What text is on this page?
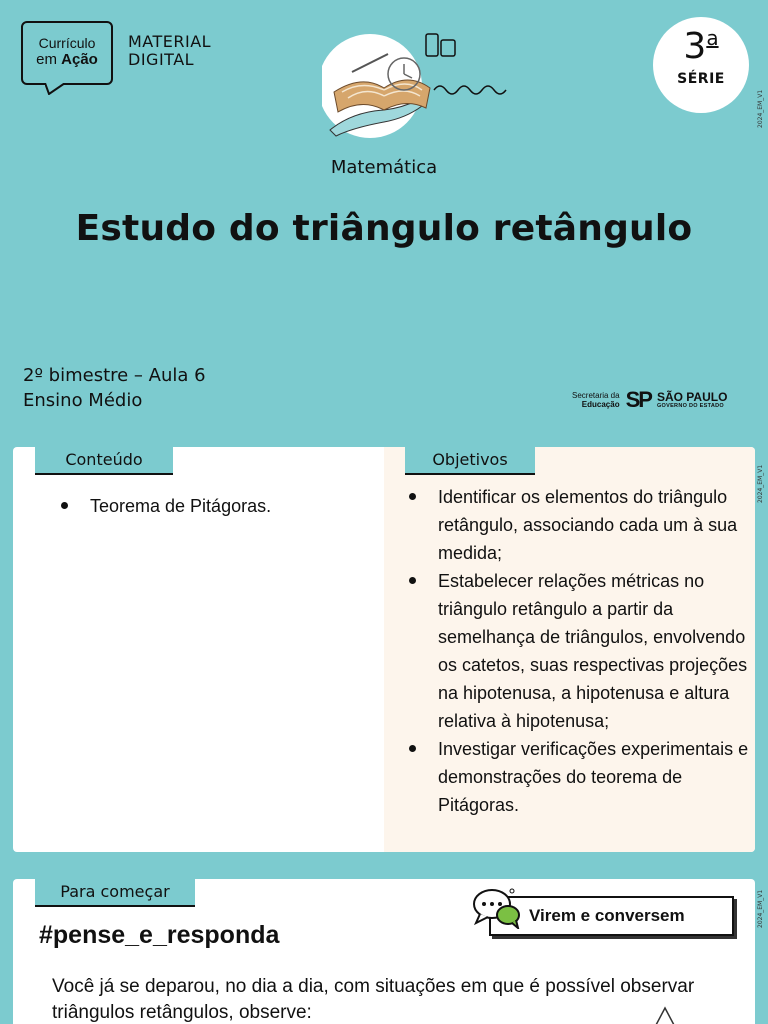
Currículo
em Ação
MATERIAL
DIGITAL	3$^a$
SÉRIE
2024_EM_V1
Matemática
Estudo do triângulo retângulo
2º bimestre – Aula 6
Ensino Médio	Secretaria da
Educação SP SÃO PAULO
GOVERNO DO ESTADO
Conteúdo	Objetivos
Teorema de Pitágoras.	Identificar os elementos do triângulo retângulo, associando cada um à sua medida;
Estabelecer relações métricas no triângulo retângulo a partir da semelhança de triângulos, envolvendo os catetos, suas respectivas projeções na hipotenusa, a hipotenusa e altura relativa à hipotenusa;
Investigar verificações experimentais e demonstrações do teorema de Pitágoras.
2024_EM_V1
Para começar
#pense_e_responda
Virem e conversem
Você já se deparou, no dia a dia, com situações em que é possível observar triângulos retângulos, observe:
2024_EM_V1
